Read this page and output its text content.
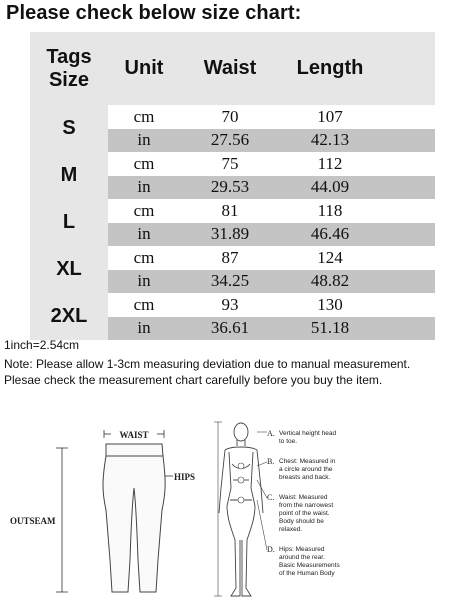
Please check below size chart:
Tags
Size
Unit	Waist	Length
S
cm	70	107
in	27.56	42.13
M
cm	75	112
in	29.53	44.09
L
cm	81	118
in	31.89	46.46
XL
cm	87	124
in	34.25	48.82
2XL
cm	93	130
in	36.61	51.18
1inch=2.54cm
Note: Please allow 1-3cm measuring deviation due to manual measurement. Plesae check the measurement chart carefully before you buy the item.
WAIST
HIPS
OUTSEAM
A. Vertical height head
to toe.
B. Chest: Measured in
a circle around the
breasts and back.
C. Waist: Measured
from the narrowest
point of the waist.
Body should be
relaxed.
D. Hips: Measured
around the rear.
Basic Measurements
of the Human Body
